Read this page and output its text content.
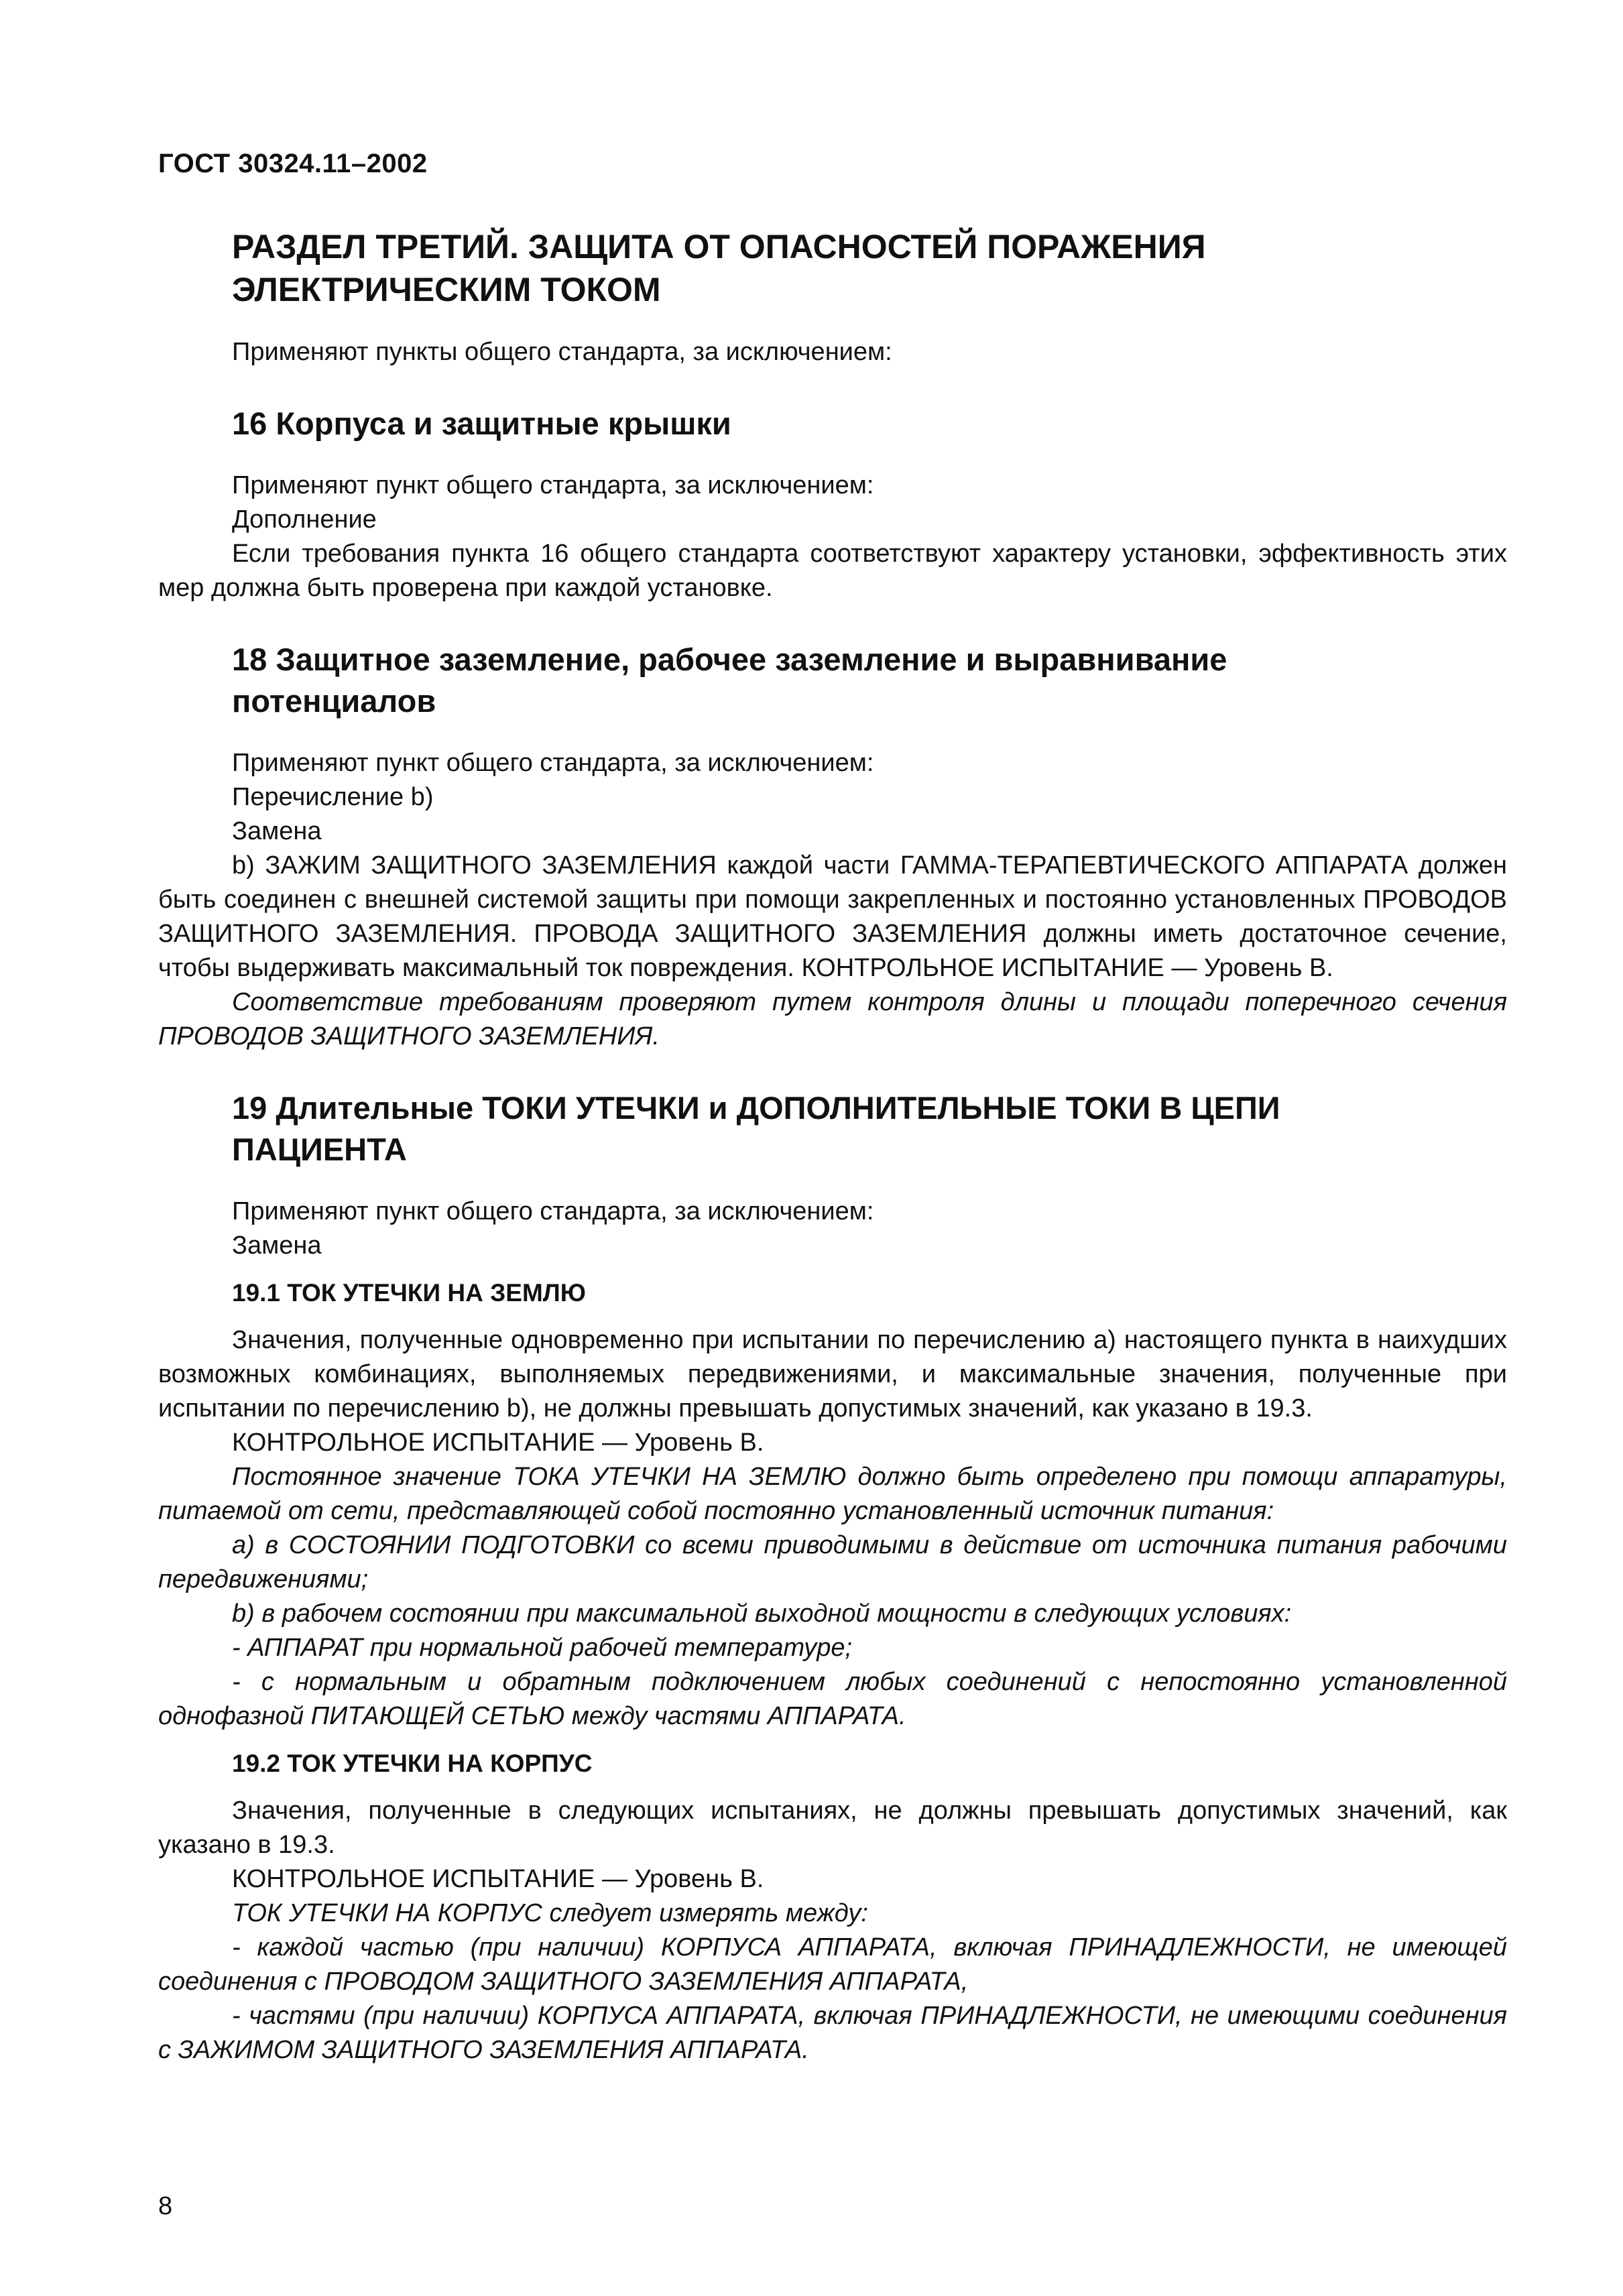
ГОСТ 30324.11–2002
РАЗДЕЛ ТРЕТИЙ. ЗАЩИТА ОТ ОПАСНОСТЕЙ ПОРАЖЕНИЯ
ЭЛЕКТРИЧЕСКИМ ТОКОМ

Применяют пункты общего стандарта, за исключением:

16 Корпуса и защитные крышки

Применяют пункт общего стандарта, за исключением:

Дополнение

Если требования пункта 16 общего стандарта соответствуют характеру установки, эффективность этих мер должна быть проверена при каждой установке.

18 Защитное заземление, рабочее заземление и выравнивание
потенциалов

Применяют пункт общего стандарта, за исключением:

Перечисление b)

Замена

b) ЗАЖИМ ЗАЩИТНОГО ЗАЗЕМЛЕНИЯ каждой части ГАММА-ТЕРАПЕВТИЧЕСКОГО АППАРАТА должен быть соединен с внешней системой защиты при помощи закрепленных и постоянно установленных ПРОВОДОВ ЗАЩИТНОГО ЗАЗЕМЛЕНИЯ. ПРОВОДА ЗАЩИТНОГО ЗАЗЕМЛЕНИЯ должны иметь достаточное сечение, чтобы выдерживать максимальный ток повреждения. КОНТРОЛЬНОЕ ИСПЫТАНИЕ — Уровень В.

Соответствие требованиям проверяют путем контроля длины и площади поперечного сечения ПРОВОДОВ ЗАЩИТНОГО ЗАЗЕМЛЕНИЯ.

19 Длительные ТОКИ УТЕЧКИ и ДОПОЛНИТЕЛЬНЫЕ ТОКИ В ЦЕПИ
ПАЦИЕНТА

Применяют пункт общего стандарта, за исключением:

Замена

19.1 ТОК УТЕЧКИ НА ЗЕМЛЮ

Значения, полученные одновременно при испытании по перечислению а) настоящего пункта в наихудших возможных комбинациях, выполняемых передвижениями, и максимальные значения, полученные при испытании по перечислению b), не должны превышать допустимых значений, как указано в 19.3.

КОНТРОЛЬНОЕ ИСПЫТАНИЕ — Уровень В.

Постоянное значение ТОКА УТЕЧКИ НА ЗЕМЛЮ должно быть определено при помощи аппаратуры, питаемой от сети, представляющей собой постоянно установленный источник питания:

а) в СОСТОЯНИИ ПОДГОТОВКИ со всеми приводимыми в действие от источника питания рабочими передвижениями;

b) в рабочем состоянии при максимальной выходной мощности в следующих условиях:

- АППАРАТ при нормальной рабочей температуре;

- с нормальным и обратным подключением любых соединений с непостоянно установленной однофазной ПИТАЮЩЕЙ СЕТЬЮ между частями АППАРАТА.

19.2 ТОК УТЕЧКИ НА КОРПУС

Значения, полученные в следующих испытаниях, не должны превышать допустимых значений, как указано в 19.3.

КОНТРОЛЬНОЕ ИСПЫТАНИЕ — Уровень В.

ТОК УТЕЧКИ НА КОРПУС следует измерять между:

- каждой частью (при наличии) КОРПУСА АППАРАТА, включая ПРИНАДЛЕЖНОСТИ, не имеющей соединения с ПРОВОДОМ ЗАЩИТНОГО ЗАЗЕМЛЕНИЯ АППАРАТА,

- частями (при наличии) КОРПУСА АППАРАТА, включая ПРИНАДЛЕЖНОСТИ, не имеющими соединения с ЗАЖИМОМ ЗАЩИТНОГО ЗАЗЕМЛЕНИЯ АППАРАТА.

8
